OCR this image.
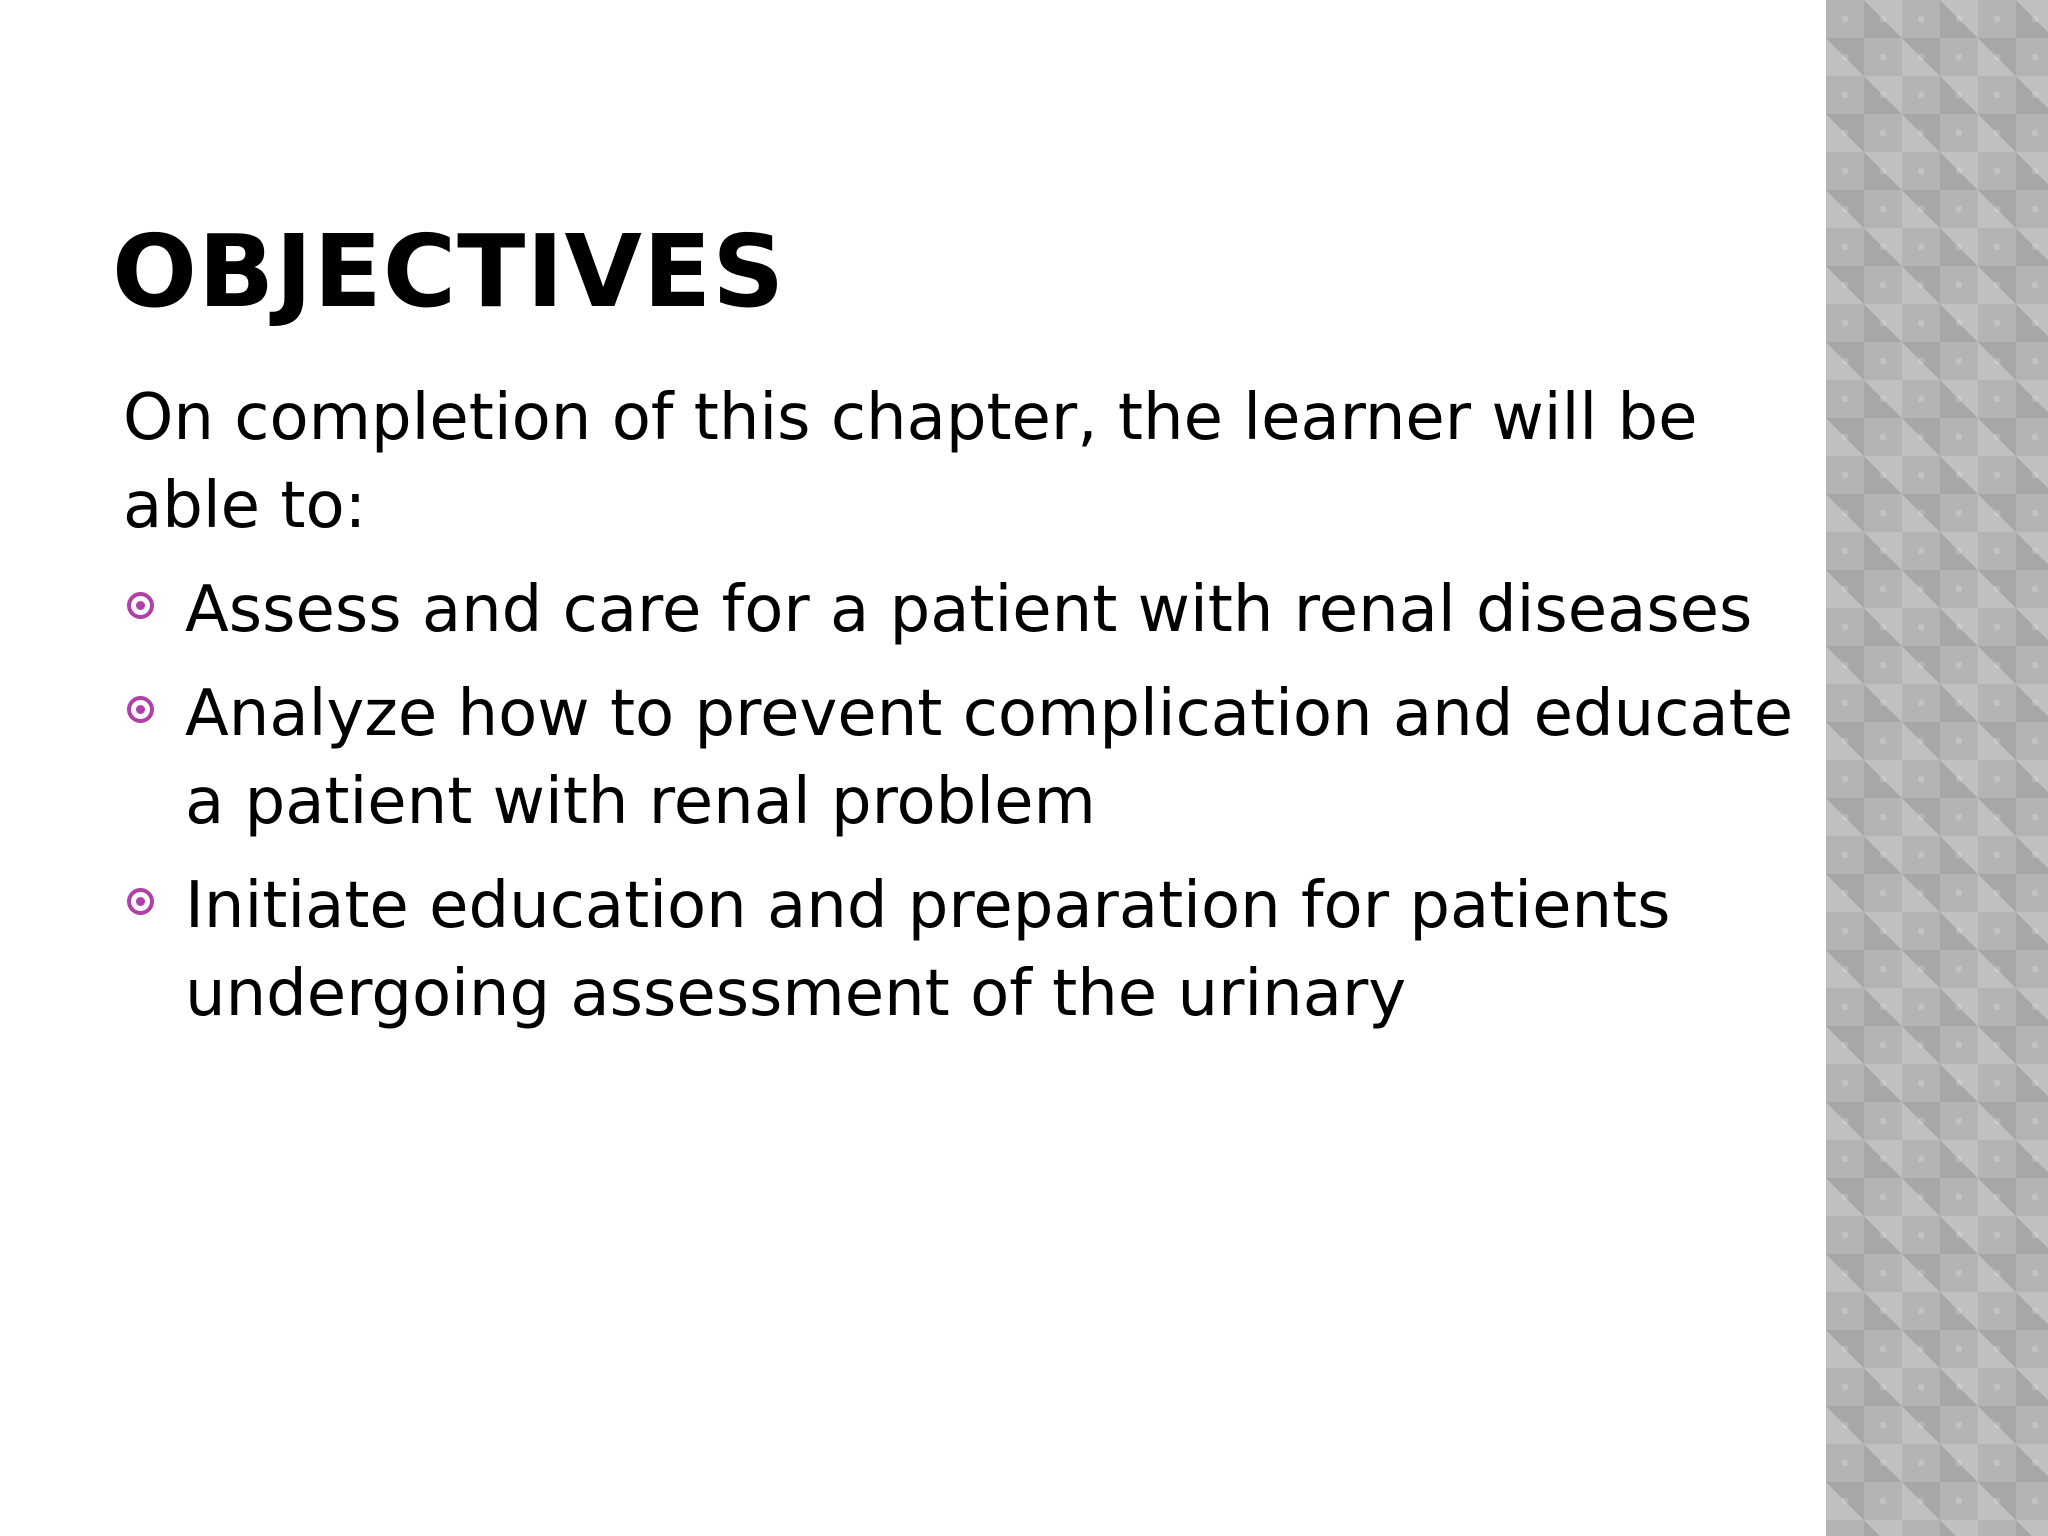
OBJECTIVES

On completion of this chapter, the learner will be able to:

Assess and care for a patient with renal diseases
Analyze how to prevent complication and educate a patient with renal problem
Initiate education and preparation for patients undergoing assessment of the urinary
